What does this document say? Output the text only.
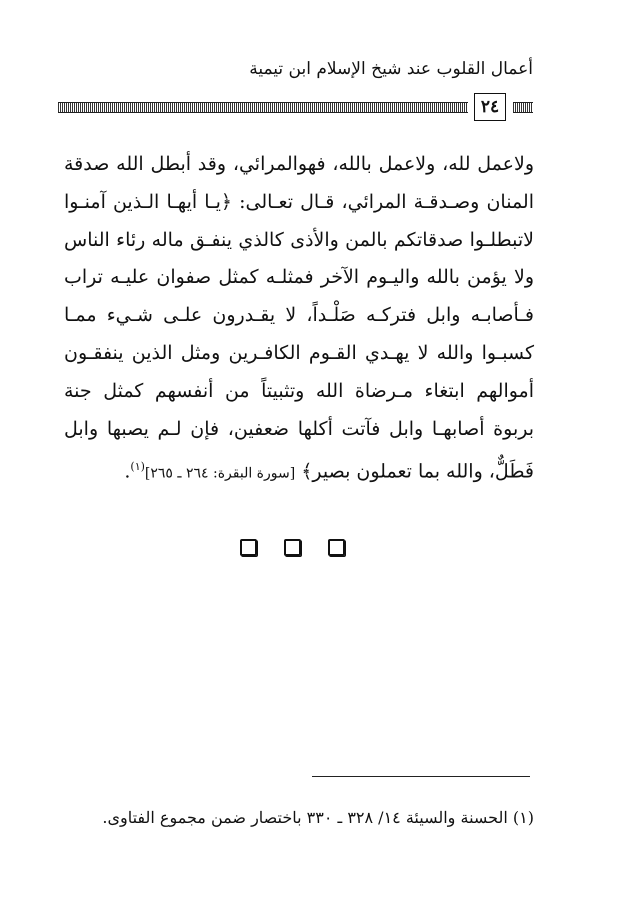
أعمال القلوب عند شيخ الإسلام ابن تيمية
٢٤

ولاعمل لله، ولاعمل بالله، فهوالمرائي، وقد أبطل الله صدقة المنان وصـدقـة المرائي، قـال تعـالى: ﴿يـا أيهـا الـذين آمنـوا لاتبطلـوا صدقاتكم بالمن والأذى كالذي ينفـق ماله رئاء الناس ولا يؤمن بالله واليـوم الآخر فمثلـه كمثل صفوان عليـه تراب فـأصابـه وابل فتركـه صَلْـداً، لا يقـدرون علـى شـيء ممـا كسبـوا والله لا يهـدي القـوم الكافـرين ومثل الذين ينفقـون أموالهم ابتغاء مـرضاة الله وتثبيتاً من أنفسهم كمثل جنة بربوة أصابهـا وابل فآتت أكلها ضعفين، فإن لـم يصبها وابل فَطَلٌّ، والله بما تعملون بصير﴾ [سورة البقرة: ٢٦٤ ـ ٢٦٥]$^{(١)}$.

(١) الحسنة والسيئة ١٤/ ٣٢٨ ـ ٣٣٠ باختصار ضمن مجموع الفتاوى.
